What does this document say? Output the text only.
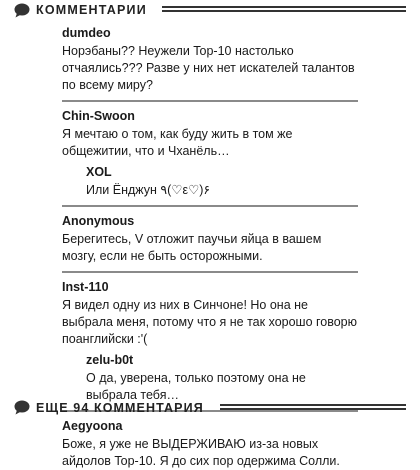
КОММЕНТАРИИ
dumdeo
Норэбаны?? Неужели Top-10 настолько отчаялись??? Разве у них нет искателей талантов по всему миру?
Chin-Swoon
Я мечтаю о том, как буду жить в том же общежитии, что и Чханёль…
XOL
Или Ёнджун ٩(♡ε♡)۶
Anonymous
Берегитесь, V отложит паучьи яйца в вашем мозгу, если не быть осторожными.
Inst-110
Я видел одну из них в Синчоне! Но она не выбрала меня, потому что я не так хорошо говорю поанглийски :'(
zelu-b0t
О да, уверена, только поэтому она не выбрала тебя…
Aegyoona
Боже, я уже не ВЫДЕРЖИВАЮ из-за новых айдолов Top-10. Я до сих пор одержима Солли.
ЕЩЕ 94 КОММЕНТАРИЯ
